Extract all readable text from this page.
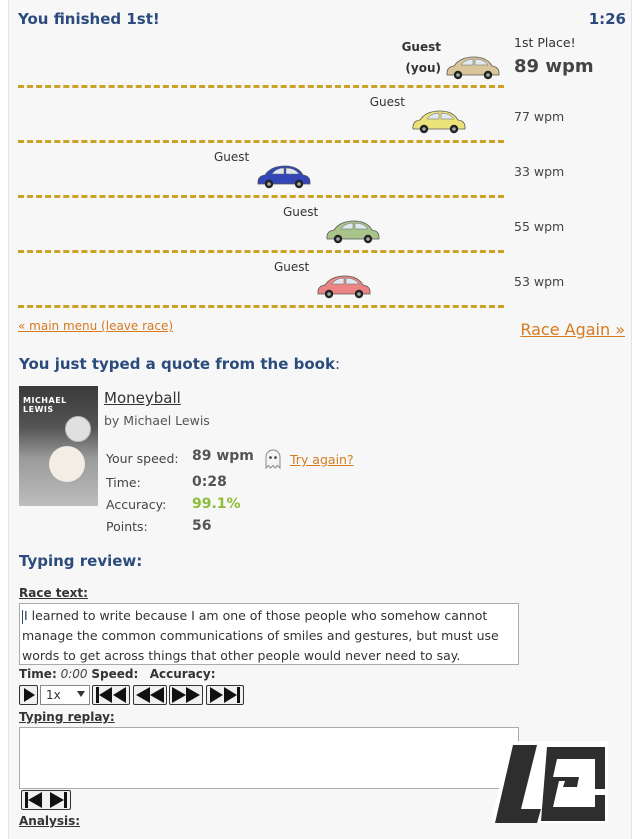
You finished 1st!	1:26
Guest
(you)
1st Place!
89 wpm
Guest
77 wpm
Guest
33 wpm
Guest
55 wpm
Guest
53 wpm
« main menu (leave race)	Race Again »
You just typed a quote from the book:
MICHAEL LEWIS
Moneyball
by Michael Lewis
Your speed: 89 wpm	Try again?
Time:	0:28
Accuracy: 99.1%
Points:	56
Typing review:
Race text:
I learned to write because I am one of those people who somehow cannot manage the common communications of smiles and gestures, but must use words to get across things that other people would never need to say.
Time: 0:00 Speed: Accuracy:
1x
Typing replay:
Analysis:
